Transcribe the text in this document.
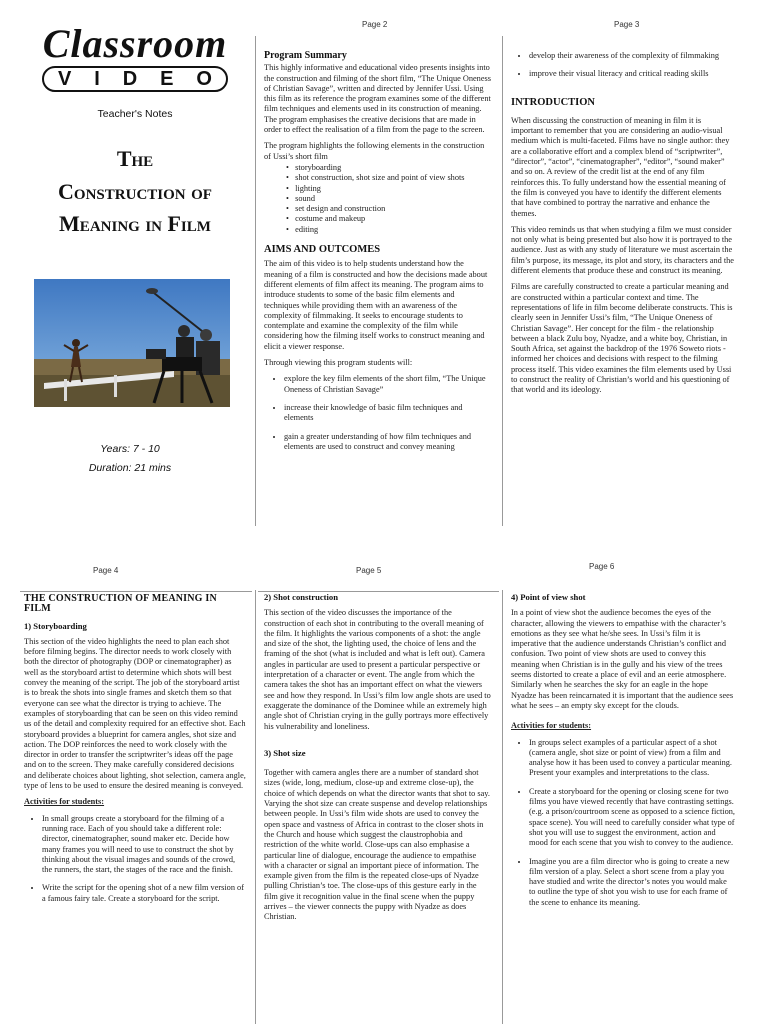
Page 2	Page 3
Page 4	Page 5	Page 6
Classroom
V I D E O
Teacher's Notes
The
Construction of
Meaning in Film
Years: 7 - 10
Duration: 21 mins
Program Summary

This highly informative and educational video presents insights into the construction and filming of the short film, “The Unique Oneness of Christian Savage”, written and directed by Jennifer Ussi. Using this film as its reference the program examines some of the different film techniques and elements used in its construction of meaning. The program emphasises the creative decisions that are made in order to effect the realisation of a film from the page to the screen.

The program highlights the following elements in the construction of Ussi’s short film

•   storyboarding
•   shot construction, shot size and point of view shots
•   lighting
•   sound
•   set design and construction
•   costume and makeup
•   editing
AIMS AND OUTCOMES

The aim of this video is to help students understand how the meaning of a film is constructed and how the decisions made about different elements of film affect its meaning. The program aims to introduce students to some of the basic film elements and techniques while providing them with an awareness of the complexity of filmmaking. It seeks to encourage students to contemplate and examine the complexity of the film while considering how the filming itself works to construct meaning and elicit a viewer response.

Through viewing this program students will:

• explore the key film elements of the short film, “The Unique Oneness of Christian Savage”
• increase their knowledge of basic film techniques and elements
• gain a greater understanding of how film techniques and elements are used to construct and convey meaning
• develop their awareness of the complexity of filmmaking
• improve their visual literacy and critical reading skills
INTRODUCTION

When discussing the construction of meaning in film it is important to remember that you are considering an audio-visual medium which is multi-faceted. Films have no single author: they are a collaborative effort and a complex blend of “scriptwriter”, “director”, “actor”, “cinematographer”, “editor”, “sound maker” and so on. A review of the credit list at the end of any film reinforces this. To fully understand how the essential meaning of the film is conveyed you have to identify the different elements that have combined to portray the narrative and enhance the themes.

This video reminds us that when studying a film we must consider not only what is being presented but also how it is portrayed to the audience. Just as with any study of literature we must ascertain the film’s purpose, its message, its plot and story, its characters and the different elements that produce these and construct its meaning.

Films are carefully constructed to create a particular meaning and are constructed within a particular context and time. The representations of life in film become deliberate constructs. This is clearly seen in Jennifer Ussi’s film, “The Unique Oneness of Christian Savage”. Her concept for the film - the relationship between a black Zulu boy, Nyadze, and a white boy, Christian, in South Africa, set against the backdrop of the 1976 Soweto riots - informed her choices and decisions with respect to the filming process itself. This video examines the film elements used by Ussi to construct the reality of Christian’s world and his questioning of that world and its ideology.

THE CONSTRUCTION OF MEANING IN FILM
1) Storyboarding

This section of the video highlights the need to plan each shot before filming begins. The director needs to work closely with both the director of photography (DOP or cinematographer) as well as the storyboard artist to determine which shots will best convey the meaning of the script. The job of the storyboard artist is to break the shots into single frames and sketch them so that everyone can see what the director is trying to achieve. The examples of storyboarding that can be seen on this video remind us of the detail and complexity required for an effective shot. Each storyboard provides a blueprint for camera angles, shot size and action. The DOP reinforces the need to work closely with the director in order to transfer the scriptwriter’s ideas off the page and on to the screen. They make carefully considered decisions and deliberate choices about lighting, shot selection, camera angle, type of lens to be used to ensure the desired meaning is conveyed.

Activities for students:
• In small groups create a storyboard for the filming of a running race. Each of you should take a different role: director, cinematographer, sound maker etc. Decide how many frames you will need to use to construct the shot by thinking about the visual images and sounds of the crowd, the runners, the start, the stages of the race and the finish.
• Write the script for the opening shot of a new film version of a famous fairy tale. Create a storyboard for the script.
2) Shot construction

This section of the video discusses the importance of the construction of each shot in contributing to the overall meaning of the film. It highlights the various components of a shot: the angle and size of the shot, the lighting used, the choice of lens and the framing of the shot (what is included and what is left out). Camera angles in particular are used to present a particular perspective or interpretation of a character or event. The angle from which the camera takes the shot has an important effect on what the viewers see and how they respond. In Ussi’s film low angle shots are used to exaggerate the dominance of the Dominee while an extremely high angle shot of Christian crying in the gully portrays more effectively his vulnerability and loneliness.

3) Shot size

Together with camera angles there are a number of standard shot sizes (wide, long, medium, close-up and extreme close-up), the choice of which depends on what the director wants that shot to say. Varying the shot size can create suspense and develop relationships between people. In Ussi’s film wide shots are used to convey the open space and vastness of Africa in contrast to the closer shots in the Church and house which suggest the claustrophobia and restriction of the white world. Close-ups can also emphasise a particular line of dialogue, encourage the audience to empathise with a character or signal an important piece of information. The example given from the film is the repeated close-ups of Nyadze pulling Christian’s toe. The close-ups of this gesture early in the film give it recognition value in the final scene when the puppy arrives – the viewer connects the puppy with Nyadze as does Christian.

4) Point of view shot

In a point of view shot the audience becomes the eyes of the character, allowing the viewers to empathise with the character’s emotions as they see what he/she sees. In Ussi’s film it is imperative that the audience understands Christian’s conflict and confusion. Two point of view shots are used to convey this meaning when Christian is in the gully and his view of the trees seems distorted to create a place of evil and an eerie atmosphere. Similarly when he searches the sky for an eagle in the hope Nyadze has been reincarnated it is important that the audience sees what he sees – an empty sky except for the clouds.

Activities for students:
• In groups select examples of a particular aspect of a shot (camera angle, shot size or point of view) from a film and analyse how it has been used to convey a particular meaning. Present your examples and interpretations to the class.
• Create a storyboard for the opening or closing scene for two films you have viewed recently that have contrasting settings. (e.g. a prison/courtroom scene as opposed to a science fiction, space scene). You will need to carefully consider what type of shot you will use to suggest the environment, action and mood for each scene that you wish to convey to the audience.
• Imagine you are a film director who is going to create a new film version of a play. Select a short scene from a play you have studied and write the director’s notes you would make to outline the type of shot you wish to use for each frame of the scene to enhance its meaning.
